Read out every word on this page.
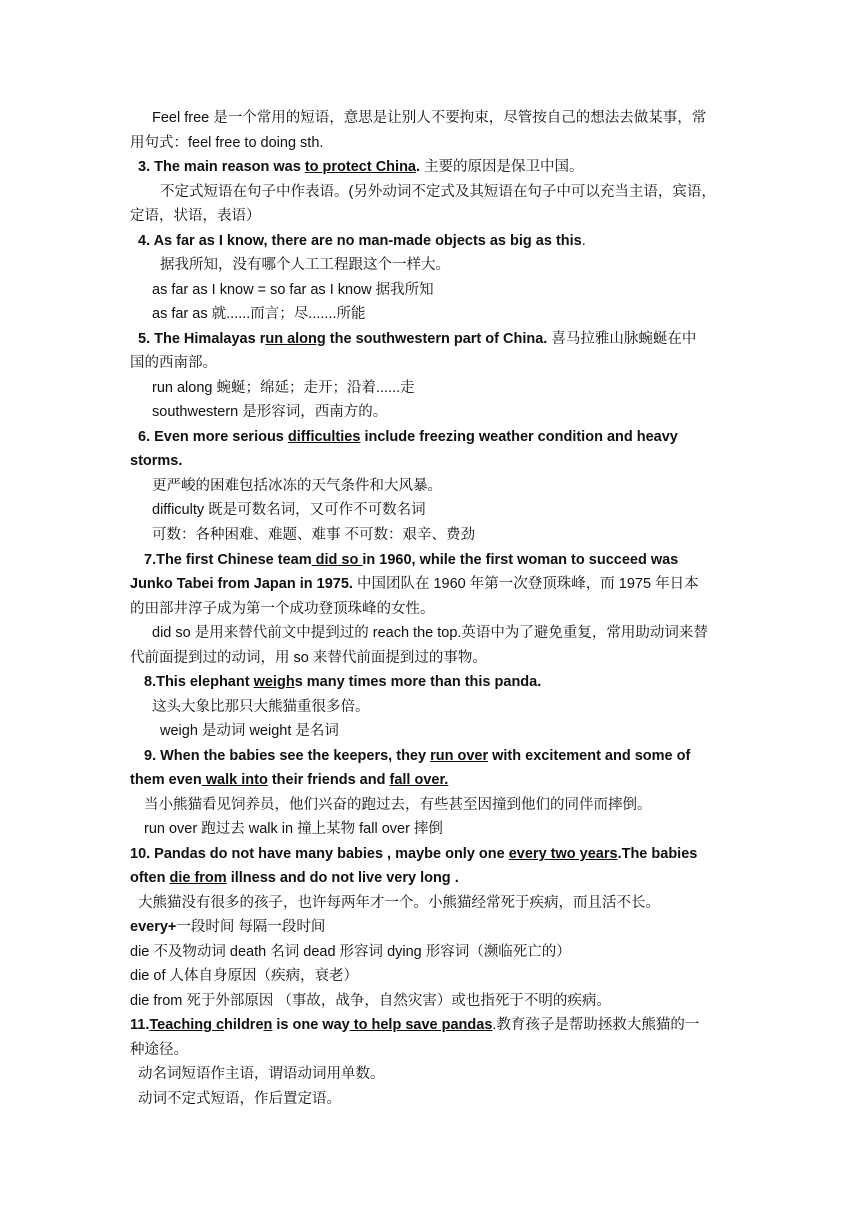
Feel free 是一个常用的短语，意思是让别人不要拘束，尽管按自己的想法去做某事，常
用句式：feel free to doing sth.
3. The main reason was to protect China. 主要的原因是保卫中国。
不定式短语在句子中作表语。(另外动词不定式及其短语在句子中可以充当主语，宾语，
定语，状语，表语）
4. As far as I know, there are no man-made objects as big as this.
据我所知，没有哪个人工工程跟这个一样大。
as far as I know = so far as I know 据我所知
as far as 就......而言；尽.......所能
5. The Himalayas run along the southwestern part of China. 喜马拉雅山脉蜿蜒在中
国的西南部。
run along 蜿蜒；绵延；走开；沿着......走
southwestern 是形容词，西南方的。
6. Even more serious difficulties include freezing weather condition and heavy
storms.
更严峻的困难包括冰冻的天气条件和大风暴。
difficulty 既是可数名词，又可作不可数名词
可数：各种困难、难题、难事 不可数：艰辛、费劲
7.The first Chinese team did so in 1960, while the first woman to succeed was
Junko Tabei from Japan in 1975. 中国团队在 1960 年第一次登顶珠峰，而 1975 年日本
的田部井淳子成为第一个成功登顶珠峰的女性。
did so 是用来替代前文中提到过的 reach the top.英语中为了避免重复，常用助动词来替
代前面提到过的动词，用 so 来替代前面提到过的事物。
8.This elephant weighs many times more than this panda.
这头大象比那只大熊猫重很多倍。
weigh 是动词 weight 是名词
9. When the babies see the keepers, they run over with excitement and some of
them even walk into their friends and fall over.
当小熊猫看见饲养员，他们兴奋的跑过去，有些甚至因撞到他们的同伴而摔倒。
run over 跑过去 walk in 撞上某物 fall over 摔倒
10. Pandas do not have many babies , maybe only one every two years.The babies
often die from illness and do not live very long .
大熊猫没有很多的孩子，也许每两年才一个。小熊猫经常死于疾病，而且活不长。
every+一段时间 每隔一段时间
die 不及物动词 death 名词 dead 形容词 dying 形容词（濒临死亡的）
die of 人体自身原因（疾病，衰老）
die from 死于外部原因 （事故，战争，自然灾害）或也指死于不明的疾病。
11.Teaching children is one way to help save pandas.教育孩子是帮助拯救大熊猫的一
种途径。
动名词短语作主语，谓语动词用单数。
动词不定式短语，作后置定语。
